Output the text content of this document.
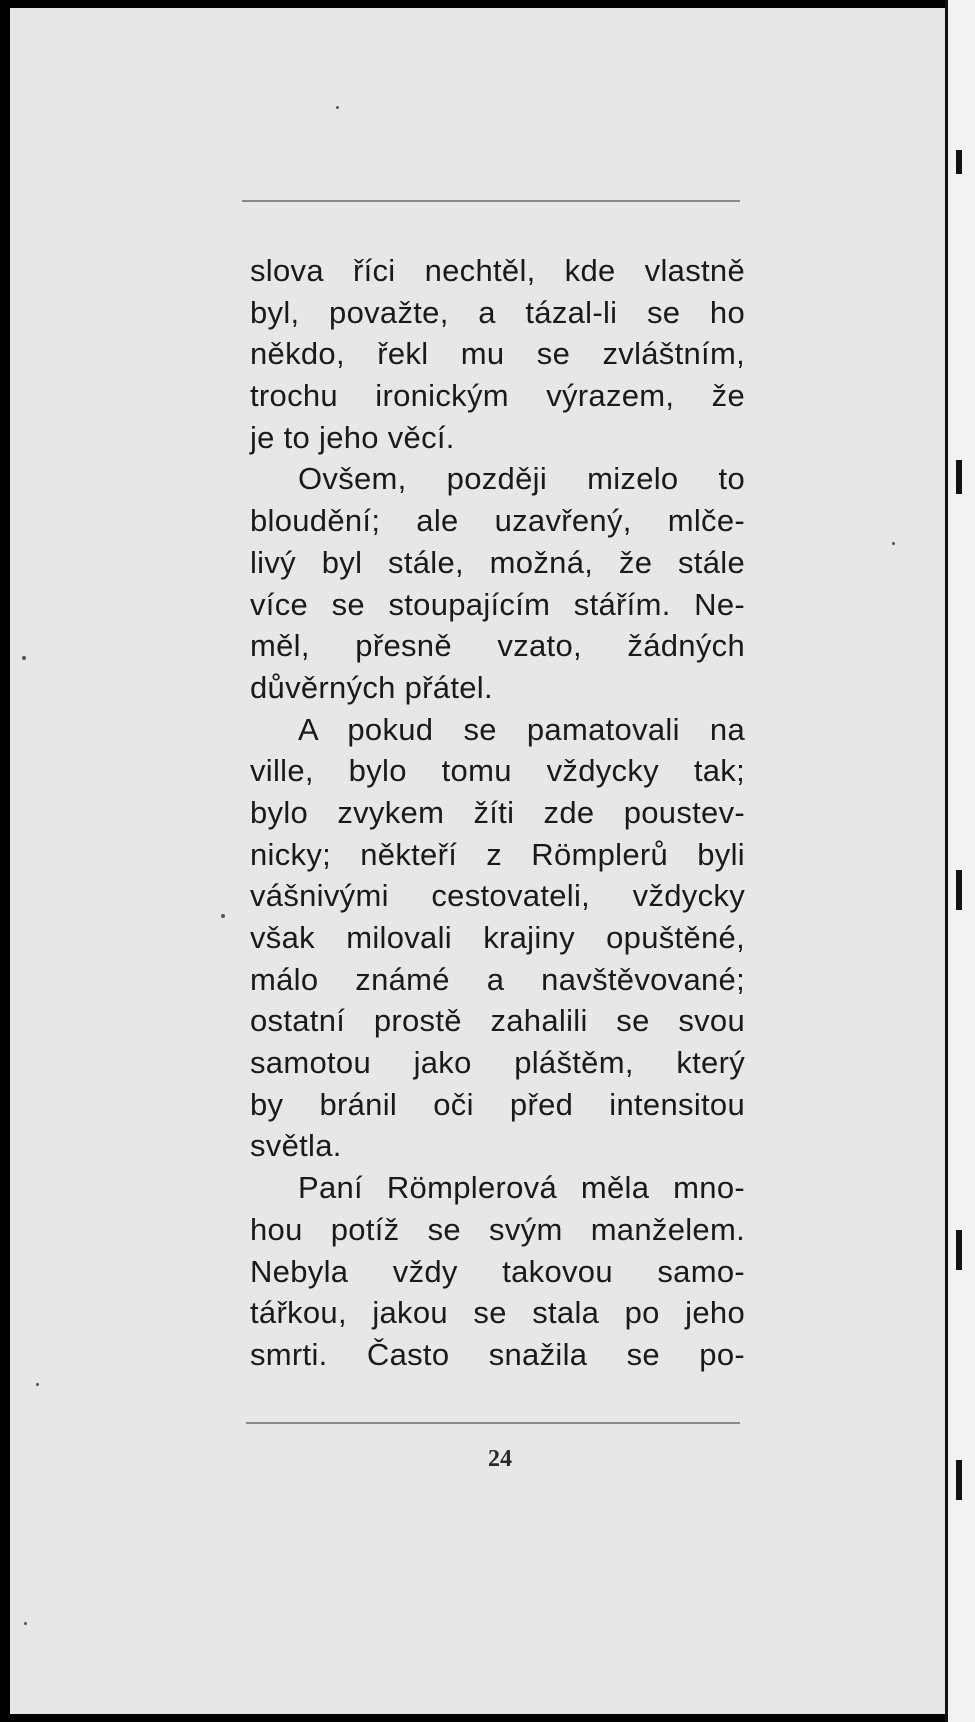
slova říci nechtěl, kde vlastně
byl, považte, a tázal-li se ho
někdo, řekl mu se zvláštním,
trochu ironickým výrazem, že
je to jeho věcí.
Ovšem, později mizelo to
bloudění; ale uzavřený, mlče-
livý byl stále, možná, že stále
více se stoupajícím stářím. Ne-
měl, přesně vzato, žádných
důvěrných přátel.
A pokud se pamatovali na
ville, bylo tomu vždycky tak;
bylo zvykem žíti zde poustev-
nicky; někteří z Römplerů byli
vášnivými cestovateli, vždycky
však milovali krajiny opuštěné,
málo známé a navštěvované;
ostatní prostě zahalili se svou
samotou jako pláštěm, který
by bránil oči před intensitou
světla.
Paní Römplerová měla mno-
hou potíž se svým manželem.
Nebyla vždy takovou samo-
tářkou, jakou se stala po jeho
smrti. Často snažila se po-
24
